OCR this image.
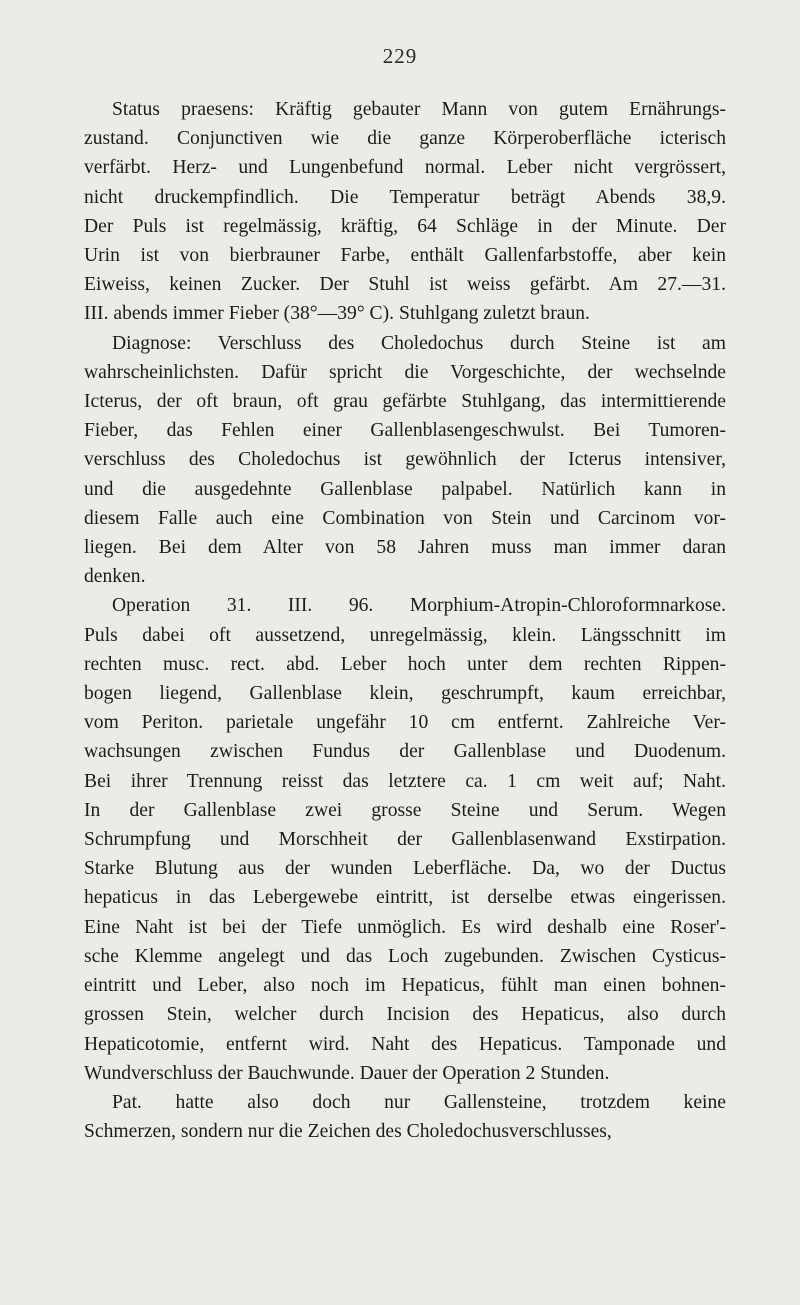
229
Status praesens: Kräftig gebauter Mann von gutem Ernährungs-
zustand. Conjunctiven wie die ganze Körperoberfläche icterisch
verfärbt. Herz- und Lungenbefund normal. Leber nicht vergrössert,
nicht druckempfindlich. Die Temperatur beträgt Abends 38,9.
Der Puls ist regelmässig, kräftig, 64 Schläge in der Minute. Der
Urin ist von bierbrauner Farbe, enthält Gallenfarbstoffe, aber kein
Eiweiss, keinen Zucker. Der Stuhl ist weiss gefärbt. Am 27.—31.
III. abends immer Fieber (38°—39° C). Stuhlgang zuletzt braun.
Diagnose: Verschluss des Choledochus durch Steine ist am
wahrscheinlichsten. Dafür spricht die Vorgeschichte, der wechselnde
Icterus, der oft braun, oft grau gefärbte Stuhlgang, das intermittierende
Fieber, das Fehlen einer Gallenblasengeschwulst. Bei Tumoren-
verschluss des Choledochus ist gewöhnlich der Icterus intensiver,
und die ausgedehnte Gallenblase palpabel. Natürlich kann in
diesem Falle auch eine Combination von Stein und Carcinom vor-
liegen. Bei dem Alter von 58 Jahren muss man immer daran
denken.
Operation 31. III. 96. Morphium-Atropin-Chloroformnarkose.
Puls dabei oft aussetzend, unregelmässig, klein. Längsschnitt im
rechten musc. rect. abd. Leber hoch unter dem rechten Rippen-
bogen liegend, Gallenblase klein, geschrumpft, kaum erreichbar,
vom Periton. parietale ungefähr 10 cm entfernt. Zahlreiche Ver-
wachsungen zwischen Fundus der Gallenblase und Duodenum.
Bei ihrer Trennung reisst das letztere ca. 1 cm weit auf; Naht.
In der Gallenblase zwei grosse Steine und Serum. Wegen
Schrumpfung und Morschheit der Gallenblasenwand Exstirpation.
Starke Blutung aus der wunden Leberfläche. Da, wo der Ductus
hepaticus in das Lebergewebe eintritt, ist derselbe etwas eingerissen.
Eine Naht ist bei der Tiefe unmöglich. Es wird deshalb eine Roser'-
sche Klemme angelegt und das Loch zugebunden. Zwischen Cysticus-
eintritt und Leber, also noch im Hepaticus, fühlt man einen bohnen-
grossen Stein, welcher durch Incision des Hepaticus, also durch
Hepaticotomie, entfernt wird. Naht des Hepaticus. Tamponade und
Wundverschluss der Bauchwunde. Dauer der Operation 2 Stunden.
Pat. hatte also doch nur Gallensteine, trotzdem keine
Schmerzen, sondern nur die Zeichen des Choledochusverschlusses,
